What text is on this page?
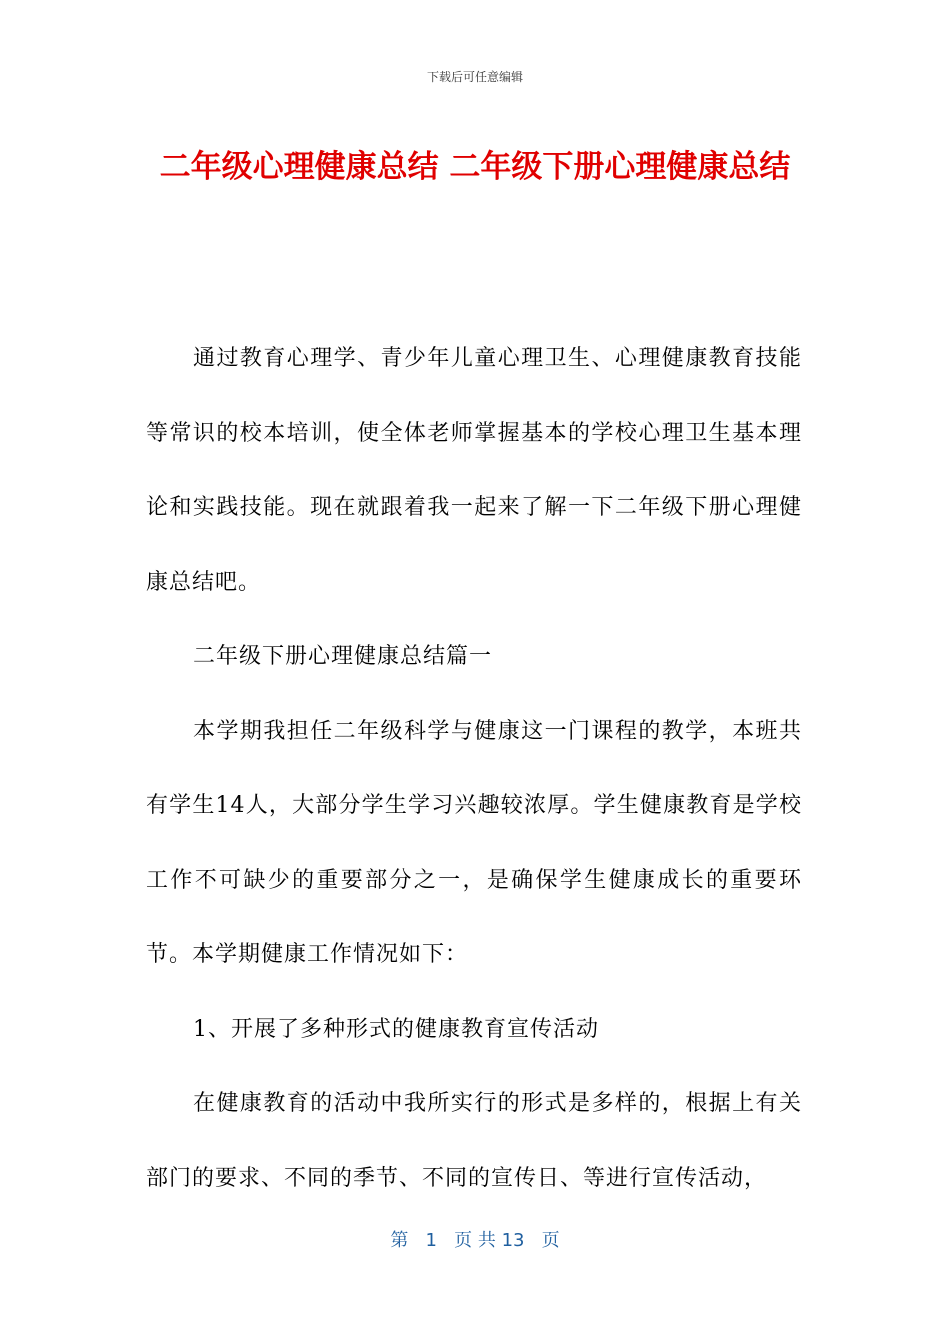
下载后可任意编辑
二年级心理健康总结 二年级下册心理健康总结

通过教育心理学、青少年儿童心理卫生、心理健康教育技能等常识的校本培训，使全体老师掌握基本的学校心理卫生基本理论和实践技能。现在就跟着我一起来了解一下二年级下册心理健康总结吧。

二年级下册心理健康总结篇一

本学期我担任二年级科学与健康这一门课程的教学，本班共有学生14人，大部分学生学习兴趣较浓厚。学生健康教育是学校工作不可缺少的重要部分之一，是确保学生健康成长的重要环节。本学期健康工作情况如下：

1、开展了多种形式的健康教育宣传活动

在健康教育的活动中我所实行的形式是多样的，根据上有关部门的要求、不同的季节、不同的宣传日、等进行宣传活动，

第 1 页 共 13 页
